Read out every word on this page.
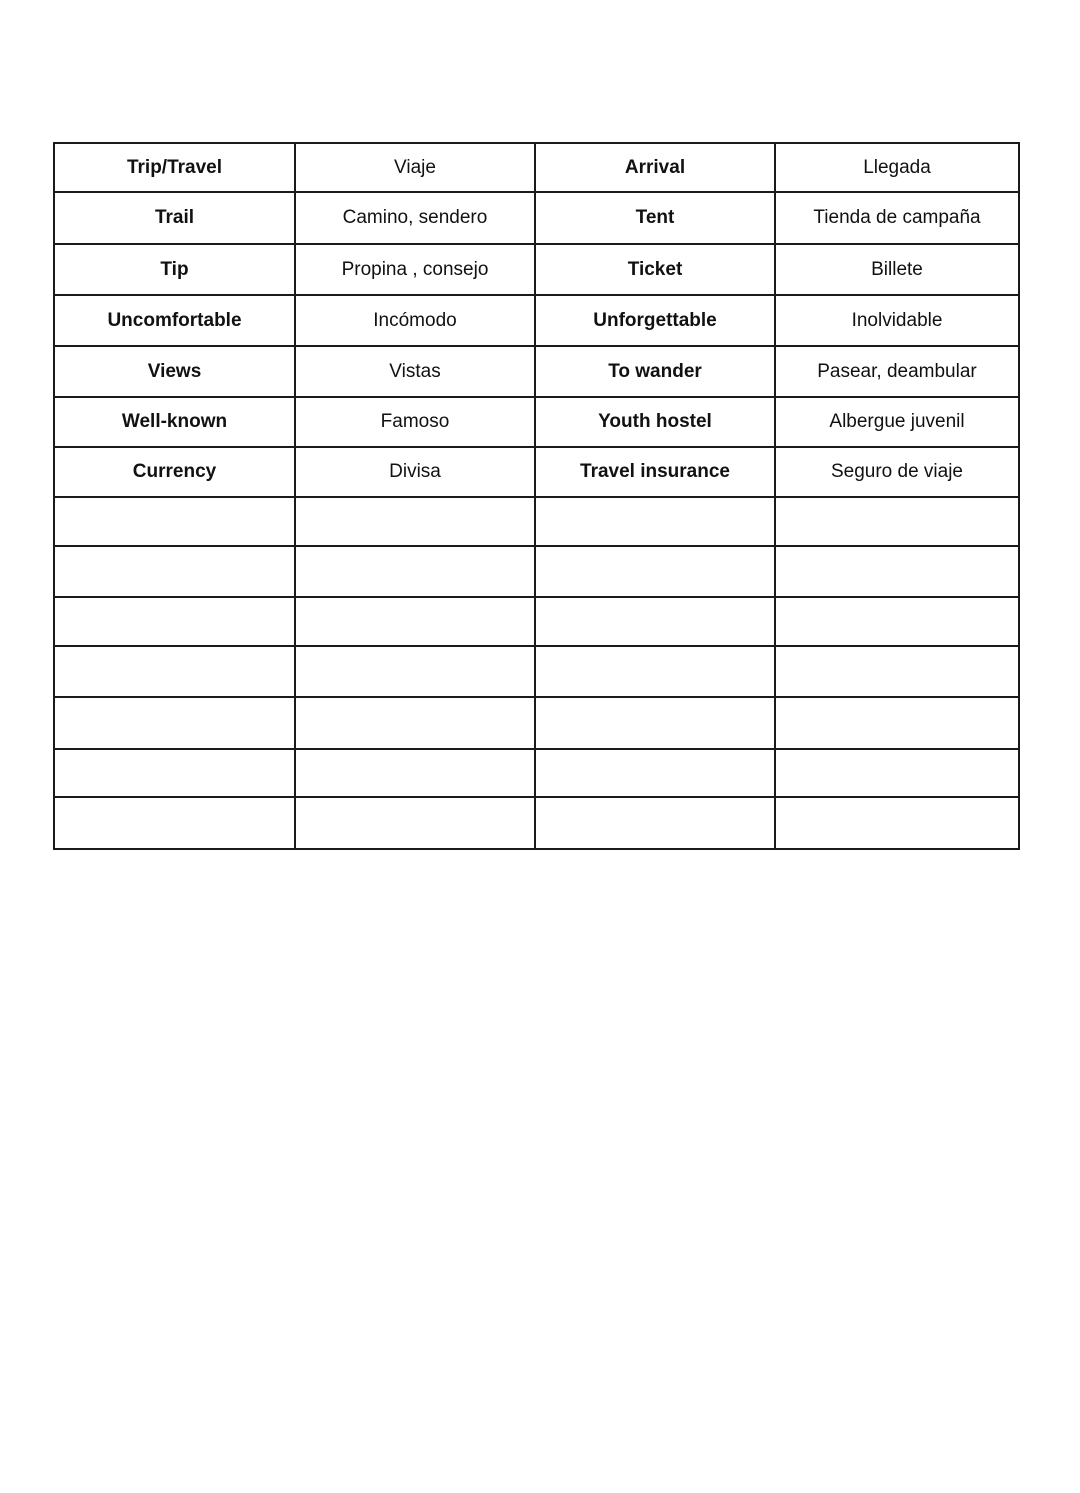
Trip/Travel	Viaje	Arrival	Llegada
Trail	Camino, sendero	Tent	Tienda de campaña
Tip	Propina , consejo	Ticket	Billete
Uncomfortable	Incómodo	Unforgettable	Inolvidable
Views	Vistas	To wander	Pasear, deambular
Well-known	Famoso	Youth hostel	Albergue juvenil
Currency	Divisa	Travel insurance	Seguro de viaje
